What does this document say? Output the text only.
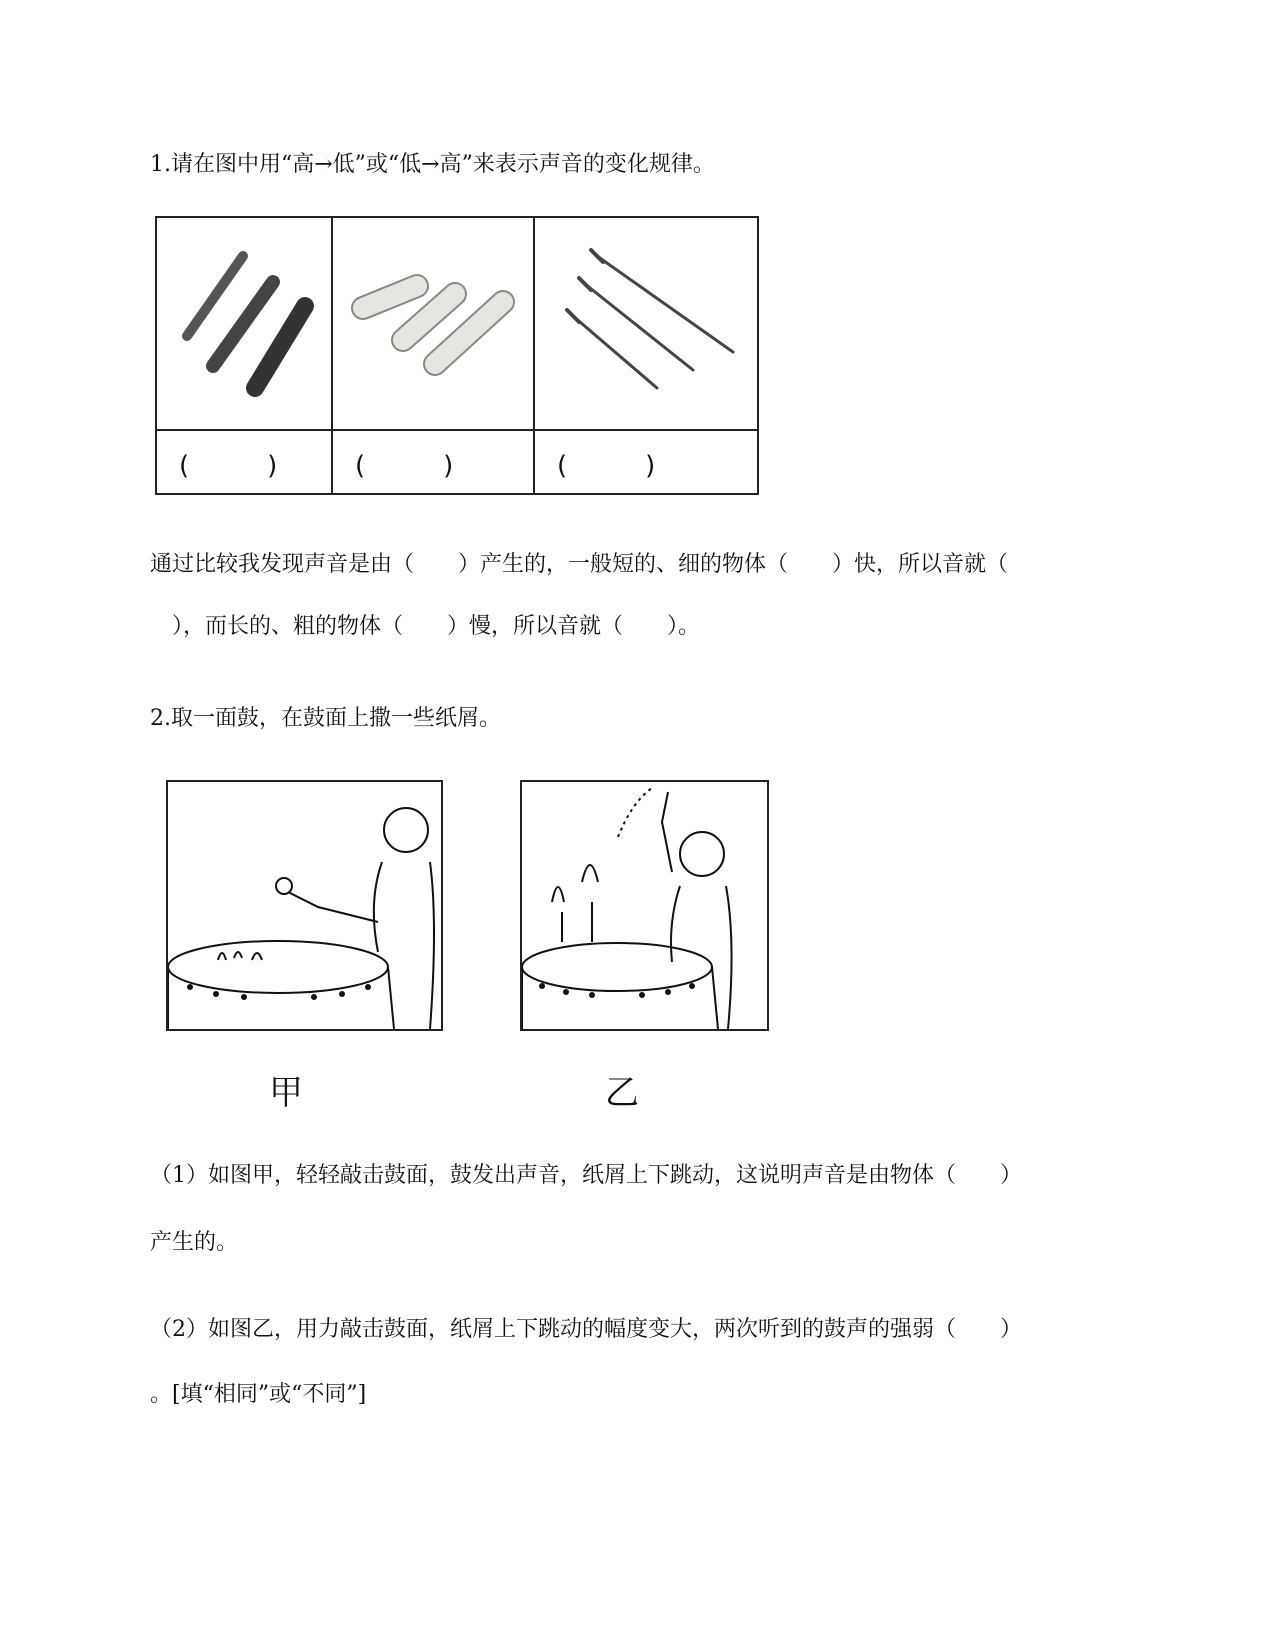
1.请在图中用“高→低”或“低→高”来表示声音的变化规律。

(　　　)	(　　　)	(　　　)
通过比较我发现声音是由（　　）产生的，一般短的、细的物体（　　）快，所以音就（
　），而长的、粗的物体（　　）慢，所以音就（　　）。
2.取一面鼓，在鼓面上撒一些纸屑。
甲	乙
（1）如图甲，轻轻敲击鼓面，鼓发出声音，纸屑上下跳动，这说明声音是由物体（　　）
产生的。
（2）如图乙，用力敲击鼓面，纸屑上下跳动的幅度变大，两次听到的鼓声的强弱（　　）
。[填“相同”或“不同”]
